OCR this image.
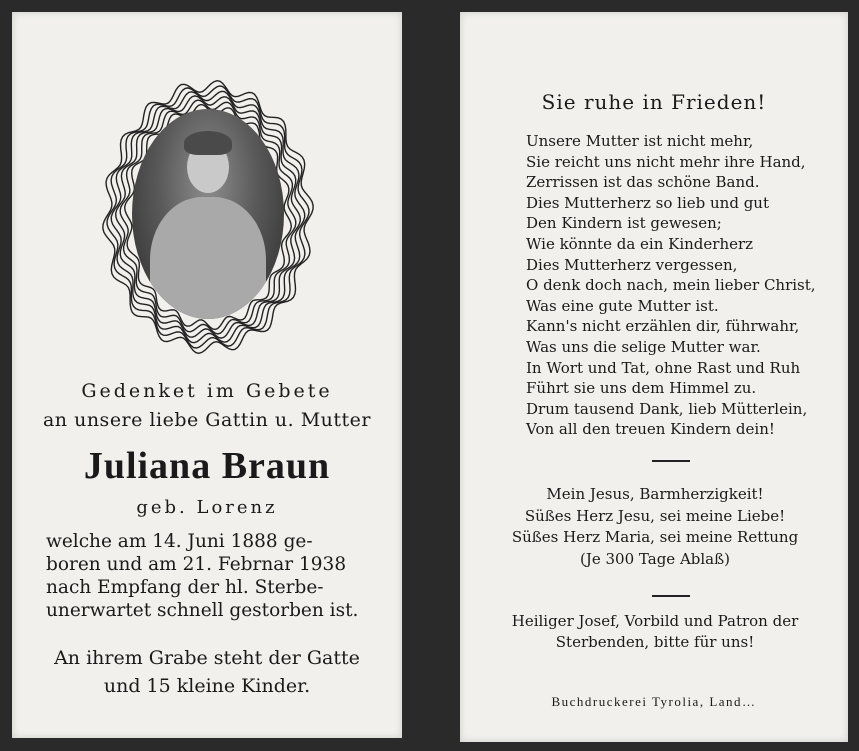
Gedenket im Gebete
an unsere liebe Gattin u. Mutter
Juliana Braun
geb. Lorenz
welche am 14. Juni 1888 ge-
boren und am 21. Febrnar 1938
nach Empfang der hl. Sterbe-
unerwartet schnell gestorben ist.
An ihrem Grabe steht der Gatte
und 15 kleine Kinder.
Sie ruhe in Frieden!
Unsere Mutter ist nicht mehr,
Sie reicht uns nicht mehr ihre Hand,
Zerrissen ist das schöne Band.
Dies Mutterherz so lieb und gut
Den Kindern ist gewesen;
Wie könnte da ein Kinderherz
Dies Mutterherz vergessen,
O denk doch nach, mein lieber Christ,
Was eine gute Mutter ist.
Kann's nicht erzählen dir, führwahr,
Was uns die selige Mutter war.
In Wort und Tat, ohne Rast und Ruh
Führt sie uns dem Himmel zu.
Drum tausend Dank, lieb Mütterlein,
Von all den treuen Kindern dein!
Mein Jesus, Barmherzigkeit!
Süßes Herz Jesu, sei meine Liebe!
Süßes Herz Maria, sei meine Rettung
(Je 300 Tage Ablaß)
Heiliger Josef, Vorbild und Patron der
Sterbenden, bitte für uns!
Buchdruckerei Tyrolia, Land…
